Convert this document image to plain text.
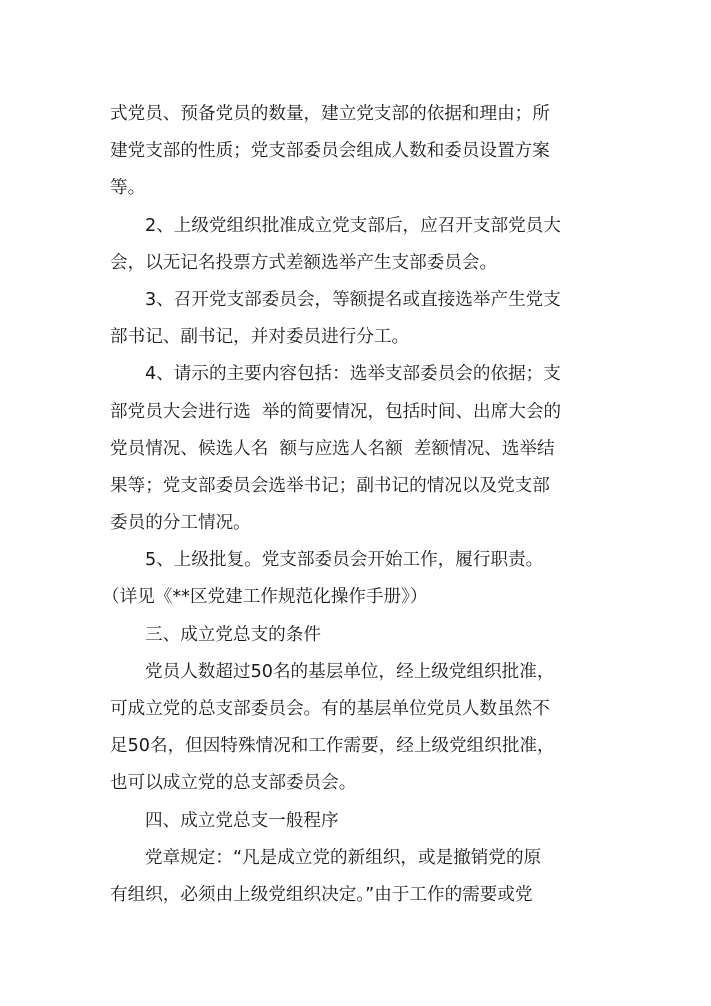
式党员、预备党员的数量，建立党支部的依据和理由；所
建党支部的性质；党支部委员会组成人数和委员设置方案
等。
2、上级党组织批准成立党支部后，应召开支部党员大
会，以无记名投票方式差额选举产生支部委员会。
3、召开党支部委员会，等额提名或直接选举产生党支
部书记、副书记，并对委员进行分工。
4、请示的主要内容包括：选举支部委员会的依据；支
部党员大会进行选  举的简要情况，包括时间、出席大会的
党员情况、候选人名  额与应选人名额  差额情况、选举结
果等；党支部委员会选举书记；副书记的情况以及党支部
委员的分工情况。
5、上级批复。党支部委员会开始工作，履行职责。
（详见《**区党建工作规范化操作手册》）
三、成立党总支的条件
党员人数超过50名的基层单位，经上级党组织批准，
可成立党的总支部委员会。有的基层单位党员人数虽然不
足50名，但因特殊情况和工作需要，经上级党组织批准，
也可以成立党的总支部委员会。
四、成立党总支一般程序
党章规定：“凡是成立党的新组织，或是撤销党的原
有组织，必须由上级党组织决定。”由于工作的需要或党
